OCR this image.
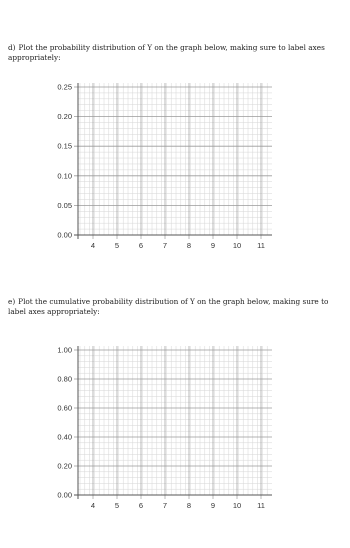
d) Plot the probability distribution of Y on the graph below, making sure to label axes appropriately:
4	5	6	7	8	9 10 11
0.00
0.05
0.10
0.15
0.20
0.25
e) Plot the cumulative probability distribution of Y on the graph below, making sure to label axes appropriately:
4	5	6	7	8	9 10 11
0.00
0.20
0.40
0.60
0.80
1.00
